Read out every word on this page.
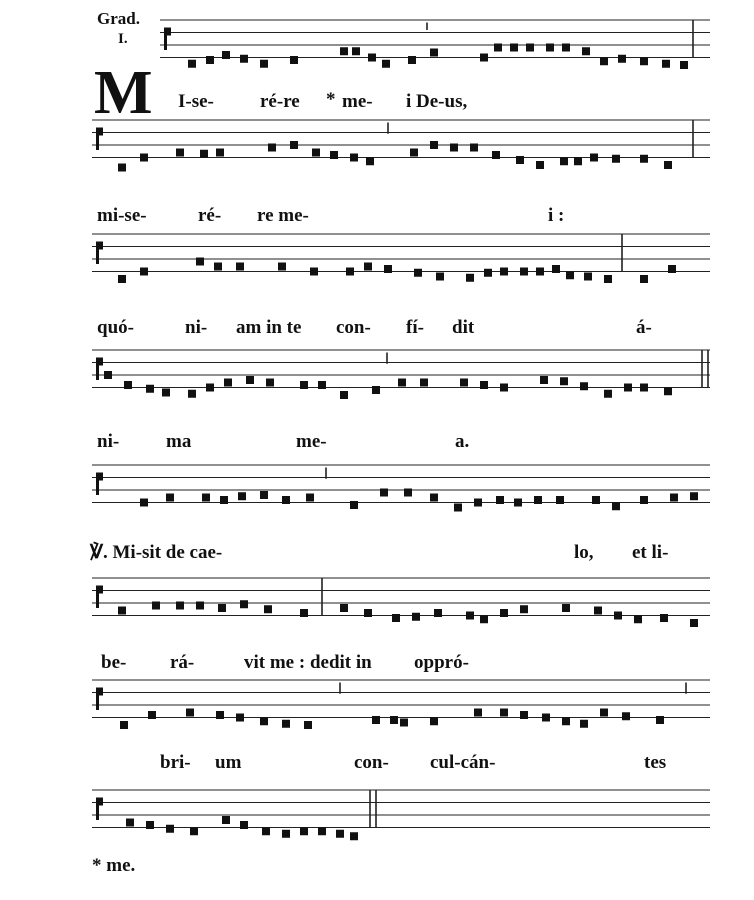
Grad.
I.
M I-se- ré-re * me- i De-us,
mi-se-	ré- re me-	i :
quó-	ni- am in te con- fí- dit	á-
ni- ma	me-	a.
℣. Mi-sit de cae-	lo, et li-
be- rá-	vit me : dedit in oppró-
bri- um	con- cul-cán-	tes
* me.
